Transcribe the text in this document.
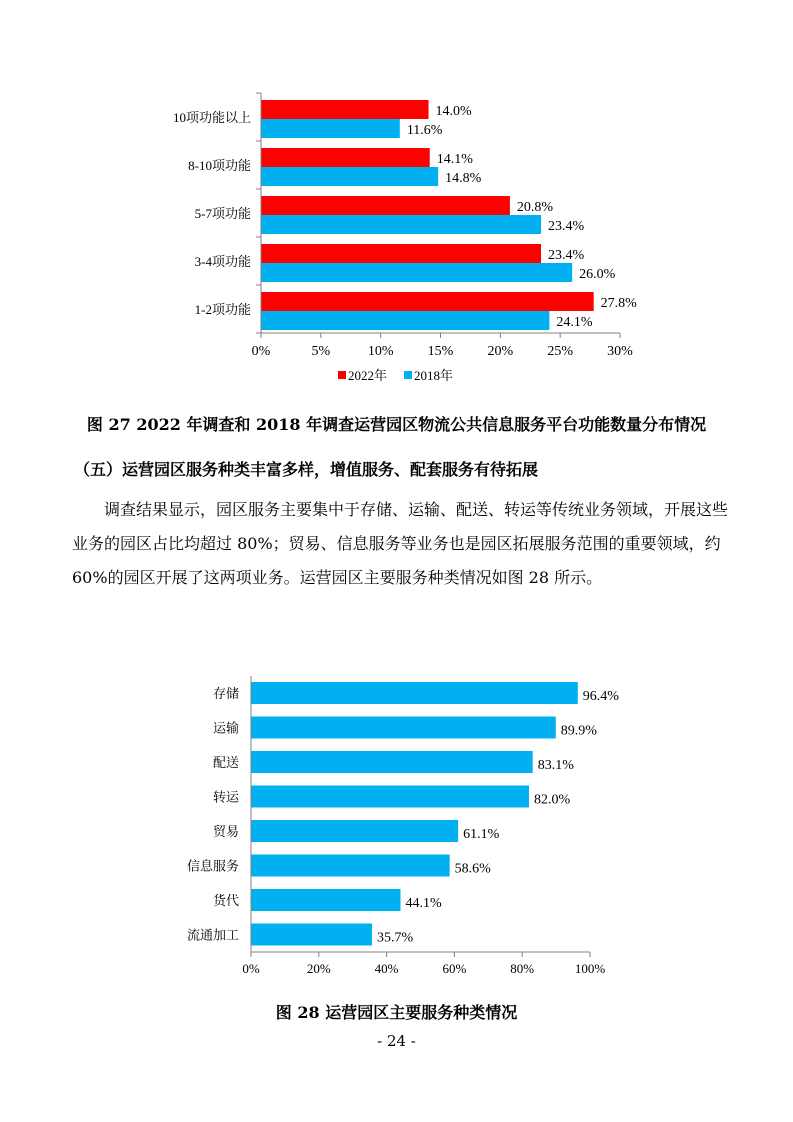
14.0%
11.6%
14.1%
14.8%
20.8%
23.4%
23.4%
26.0%
27.8%
24.1%
0%	5%	10% 15% 20% 25% 30%
10项功能以上
8-10项功能
5-7项功能
3-4项功能
1-2项功能
2022年 2018年
图 27 2022 年调查和 2018 年调查运营园区物流公共信息服务平台功能数量分布情况
（五）运营园区服务种类丰富多样，增值服务、配套服务有待拓展

调查结果显示，园区服务主要集中于存储、运输、配送、转运等传统业务领域，开展这些业务的园区占比均超过 80%；贸易、信息服务等业务也是园区拓展服务范围的重要领域，约 60%的园区开展了这两项业务。运营园区主要服务种类情况如图 28 所示。

96.4%
89.9%
83.1%
82.0%
61.1%
58.6%
44.1%
35.7%
0%	20%	40%	60%	80%	100%
存储
运输
配送
转运
贸易
信息服务
货代
流通加工
图 28 运营园区主要服务种类情况
- 24 -
